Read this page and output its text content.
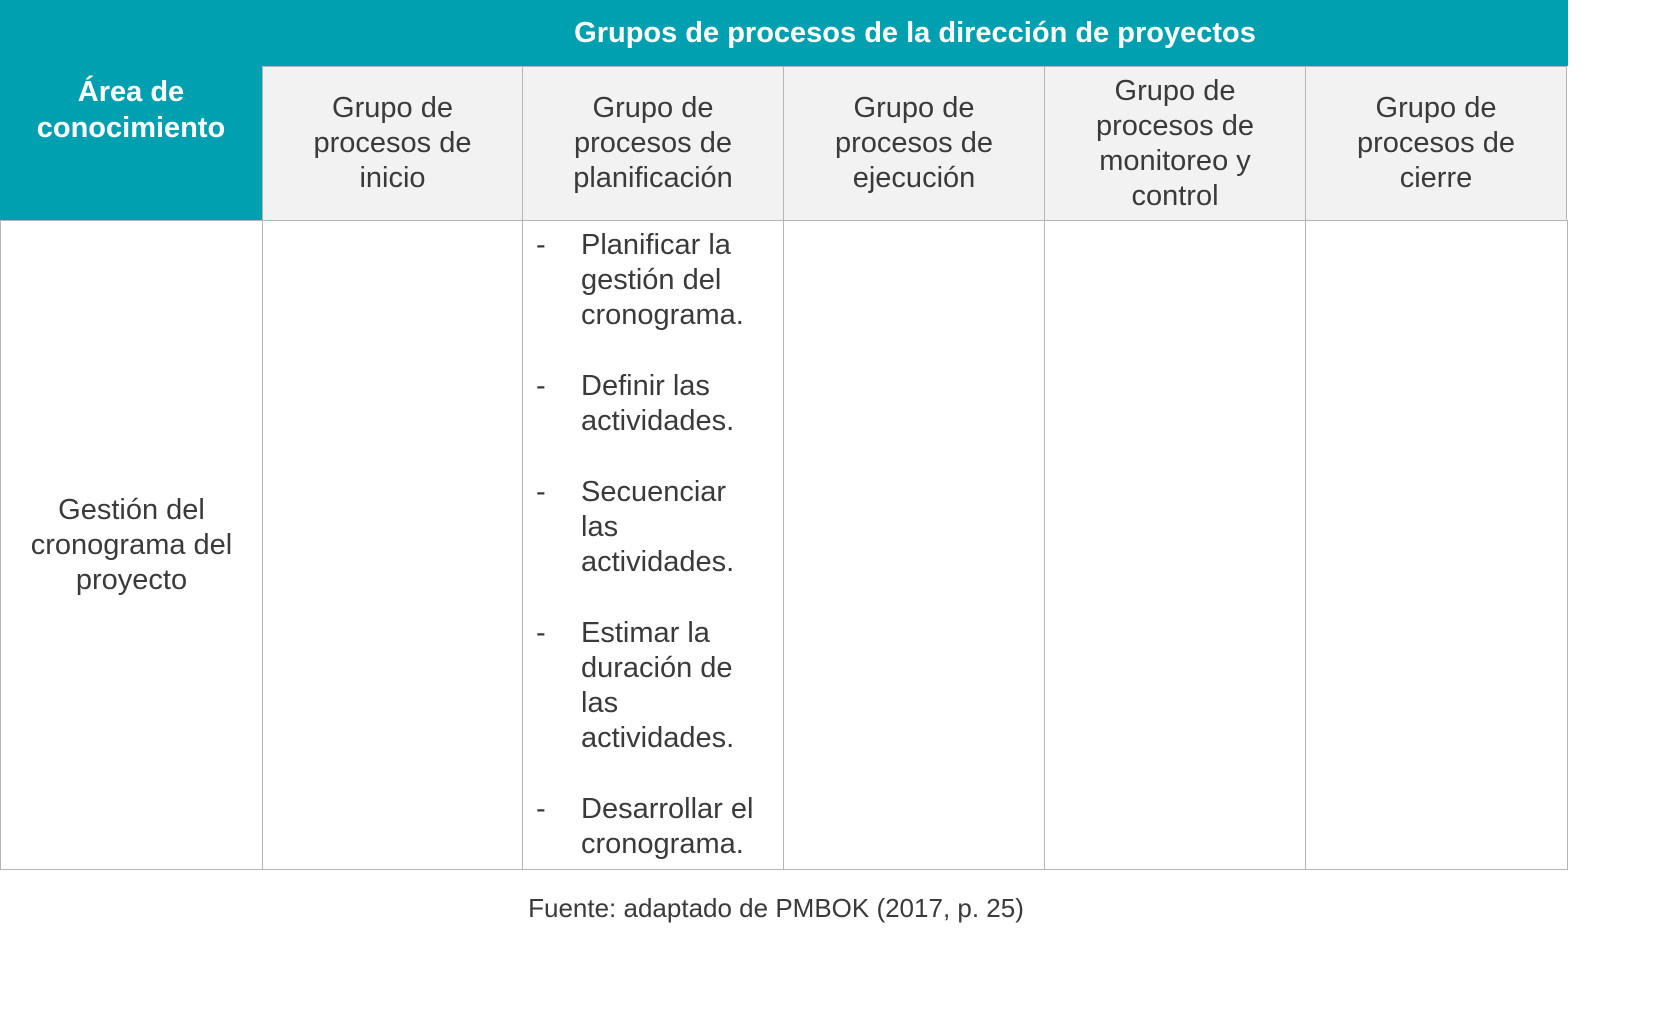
Área de conocimiento
Grupos de procesos de la dirección de proyectos
Grupo de procesos de inicio
Grupo de procesos de planificación
Grupo de procesos de ejecución
Grupo de procesos de monitoreo y control
Grupo de procesos de cierre
Gestión del cronograma del proyecto
- Planificar la gestión del cronograma.
- Definir las actividades.
- Secuenciar las actividades.
- Estimar la duración de las actividades.
- Desarrollar el cronograma.
Fuente: adaptado de PMBOK (2017, p. 25)
